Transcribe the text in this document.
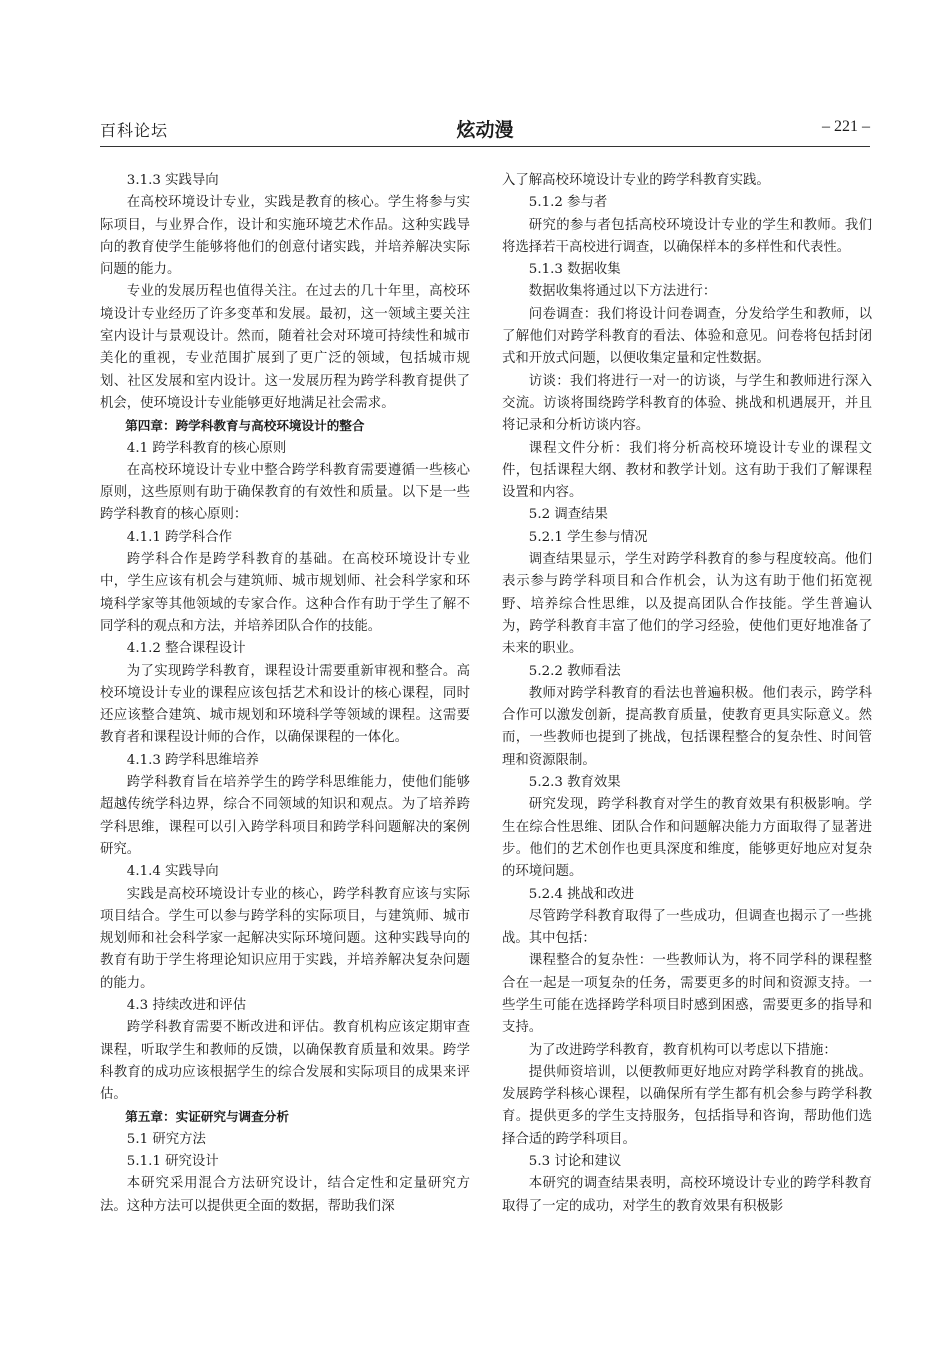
百科论坛	炫动漫	– 221 –

3.1.3 实践导向

在高校环境设计专业，实践是教育的核心。学生将参与实际项目，与业界合作，设计和实施环境艺术作品。这种实践导向的教育使学生能够将他们的创意付诸实践，并培养解决实际问题的能力。

专业的发展历程也值得关注。在过去的几十年里，高校环境设计专业经历了许多变革和发展。最初，这一领域主要关注室内设计与景观设计。然而，随着社会对环境可持续性和城市美化的重视，专业范围扩展到了更广泛的领域，包括城市规划、社区发展和室内设计。这一发展历程为跨学科教育提供了机会，使环境设计专业能够更好地满足社会需求。

第四章：跨学科教育与高校环境设计的整合

4.1 跨学科教育的核心原则

在高校环境设计专业中整合跨学科教育需要遵循一些核心原则，这些原则有助于确保教育的有效性和质量。以下是一些跨学科教育的核心原则：

4.1.1 跨学科合作

跨学科合作是跨学科教育的基础。在高校环境设计专业中，学生应该有机会与建筑师、城市规划师、社会科学家和环境科学家等其他领域的专家合作。这种合作有助于学生了解不同学科的观点和方法，并培养团队合作的技能。

4.1.2 整合课程设计

为了实现跨学科教育，课程设计需要重新审视和整合。高校环境设计专业的课程应该包括艺术和设计的核心课程，同时还应该整合建筑、城市规划和环境科学等领域的课程。这需要教育者和课程设计师的合作，以确保课程的一体化。

4.1.3 跨学科思维培养

跨学科教育旨在培养学生的跨学科思维能力，使他们能够超越传统学科边界，综合不同领域的知识和观点。为了培养跨学科思维，课程可以引入跨学科项目和跨学科问题解决的案例研究。

4.1.4 实践导向

实践是高校环境设计专业的核心，跨学科教育应该与实际项目结合。学生可以参与跨学科的实际项目，与建筑师、城市规划师和社会科学家一起解决实际环境问题。这种实践导向的教育有助于学生将理论知识应用于实践，并培养解决复杂问题的能力。

4.3 持续改进和评估

跨学科教育需要不断改进和评估。教育机构应该定期审查课程，听取学生和教师的反馈，以确保教育质量和效果。跨学科教育的成功应该根据学生的综合发展和实际项目的成果来评估。

第五章：实证研究与调查分析

5.1 研究方法

5.1.1 研究设计

本研究采用混合方法研究设计，结合定性和定量研究方法。这种方法可以提供更全面的数据，帮助我们深

入了解高校环境设计专业的跨学科教育实践。

5.1.2 参与者

研究的参与者包括高校环境设计专业的学生和教师。我们将选择若干高校进行调查，以确保样本的多样性和代表性。

5.1.3 数据收集

数据收集将通过以下方法进行：

问卷调查：我们将设计问卷调查，分发给学生和教师，以了解他们对跨学科教育的看法、体验和意见。问卷将包括封闭式和开放式问题，以便收集定量和定性数据。

访谈：我们将进行一对一的访谈，与学生和教师进行深入交流。访谈将围绕跨学科教育的体验、挑战和机遇展开，并且将记录和分析访谈内容。

课程文件分析：我们将分析高校环境设计专业的课程文件，包括课程大纲、教材和教学计划。这有助于我们了解课程设置和内容。

5.2 调查结果

5.2.1 学生参与情况

调查结果显示，学生对跨学科教育的参与程度较高。他们表示参与跨学科项目和合作机会，认为这有助于他们拓宽视野、培养综合性思维，以及提高团队合作技能。学生普遍认为，跨学科教育丰富了他们的学习经验，使他们更好地准备了未来的职业。

5.2.2 教师看法

教师对跨学科教育的看法也普遍积极。他们表示，跨学科合作可以激发创新，提高教育质量，使教育更具实际意义。然而，一些教师也提到了挑战，包括课程整合的复杂性、时间管理和资源限制。

5.2.3 教育效果

研究发现，跨学科教育对学生的教育效果有积极影响。学生在综合性思维、团队合作和问题解决能力方面取得了显著进步。他们的艺术创作也更具深度和维度，能够更好地应对复杂的环境问题。

5.2.4 挑战和改进

尽管跨学科教育取得了一些成功，但调查也揭示了一些挑战。其中包括：

课程整合的复杂性：一些教师认为，将不同学科的课程整合在一起是一项复杂的任务，需要更多的时间和资源支持。一些学生可能在选择跨学科项目时感到困惑，需要更多的指导和支持。

为了改进跨学科教育，教育机构可以考虑以下措施：

提供师资培训，以便教师更好地应对跨学科教育的挑战。发展跨学科核心课程，以确保所有学生都有机会参与跨学科教育。提供更多的学生支持服务，包括指导和咨询，帮助他们选择合适的跨学科项目。

5.3 讨论和建议

本研究的调查结果表明，高校环境设计专业的跨学科教育取得了一定的成功，对学生的教育效果有积极影
